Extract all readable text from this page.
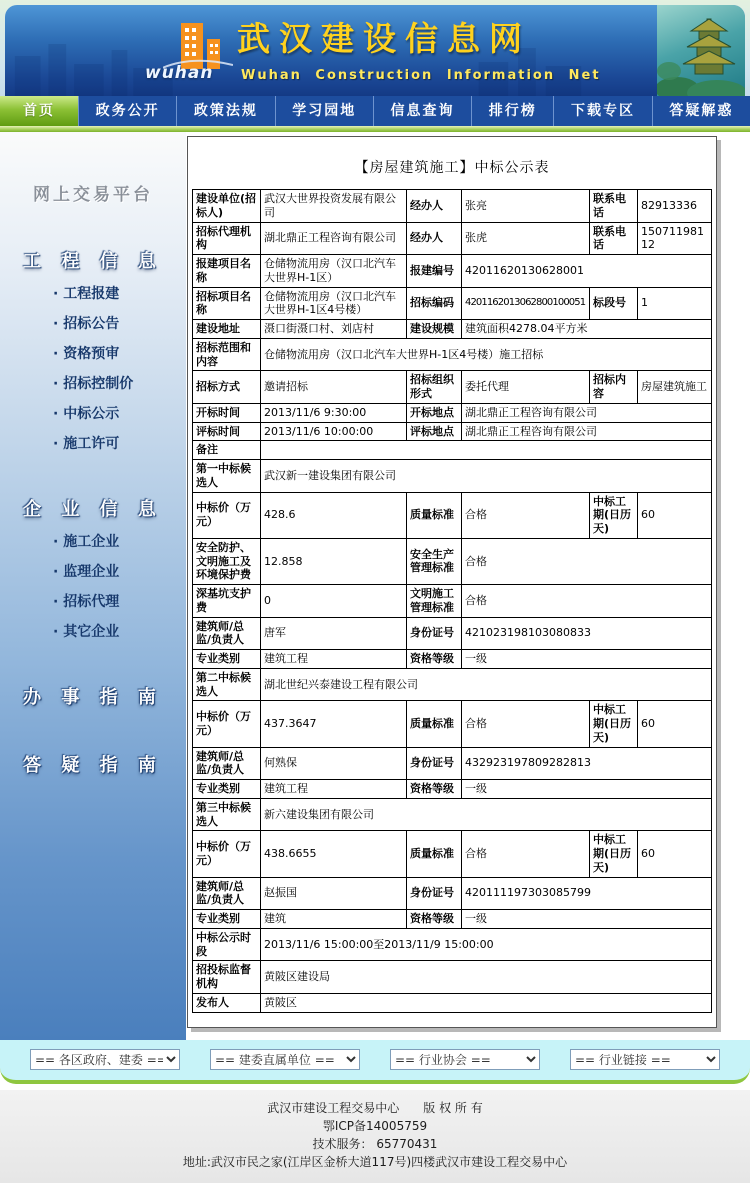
wuhan
武汉建设信息网
Wuhan Construction Information Net
首页	政务公开	政策法规	学习园地	信息查询	排行榜	下载专区	答疑解惑
网上交易平台
工 程 信 息
· 工程报建
· 招标公告
· 资格预审
· 招标控制价
· 中标公示
· 施工许可
企 业 信 息
· 施工企业
· 监理企业
· 招标代理
· 其它企业
办 事 指 南
答 疑 指 南
【房屋建筑施工】中标公示表
建设单位(招标人)	武汉大世界投资发展有限公司	经办人	张亮	联系电话	82913336
招标代理机构	湖北鼎正工程咨询有限公司	经办人	张虎	联系电话	15071198112
报建项目名称	仓储物流用房（汉口北汽车大世界H-1区）	报建编号	42011620130628001		
招标项目名称	仓储物流用房（汉口北汽车大世界H-1区4号楼）	招标编码	4201162013062800100051	标段号	1
建设地址	滠口街滠口村、刘店村	建设规模	建筑面积4278.04平方米		
招标范围和内容	仓储物流用房（汉口北汽车大世界H-1区4号楼）施工招标				
招标方式	邀请招标	招标组织形式	委托代理	招标内容	房屋建筑施工
开标时间	2013/11/6 9:30:00	开标地点	湖北鼎正工程咨询有限公司		
评标时间	2013/11/6 10:00:00	评标地点	湖北鼎正工程咨询有限公司		
备注					
第一中标候选人	武汉新一建设集团有限公司				
中标价（万元）	428.6	质量标准	合格	中标工期(日历天)	60
安全防护、文明施工及环境保护费	12.858	安全生产管理标准	合格		
深基坑支护费	0	文明施工管理标准	合格		
建筑师/总监/负责人	唐军	身份证号	421023198103080833		
专业类别	建筑工程	资格等级	一级		
第二中标候选人	湖北世纪兴泰建设工程有限公司				
中标价（万元）	437.3647	质量标准	合格	中标工期(日历天)	60
建筑师/总监/负责人	何熟保	身份证号	432923197809282813		
专业类别	建筑工程	资格等级	一级		
第三中标候选人	新六建设集团有限公司				
中标价（万元）	438.6655	质量标准	合格	中标工期(日历天)	60
建筑师/总监/负责人	赵振国	身份证号	420111197303085799		
专业类别	建筑	资格等级	一级		
中标公示时段	2013/11/6 15:00:00至2013/11/9 15:00:00				
招投标监督机构	黄陂区建设局				
发布人	黄陂区				
== 各区政府、建委 ==
== 建委直属单位 ==
== 行业协会 ==
== 行业链接 ==
武汉市建设工程交易中心　　版 权 所 有
鄂ICP备14005759
技术服务： 65770431
地址:武汉市民之家(江岸区金桥大道117号)四楼武汉市建设工程交易中心
